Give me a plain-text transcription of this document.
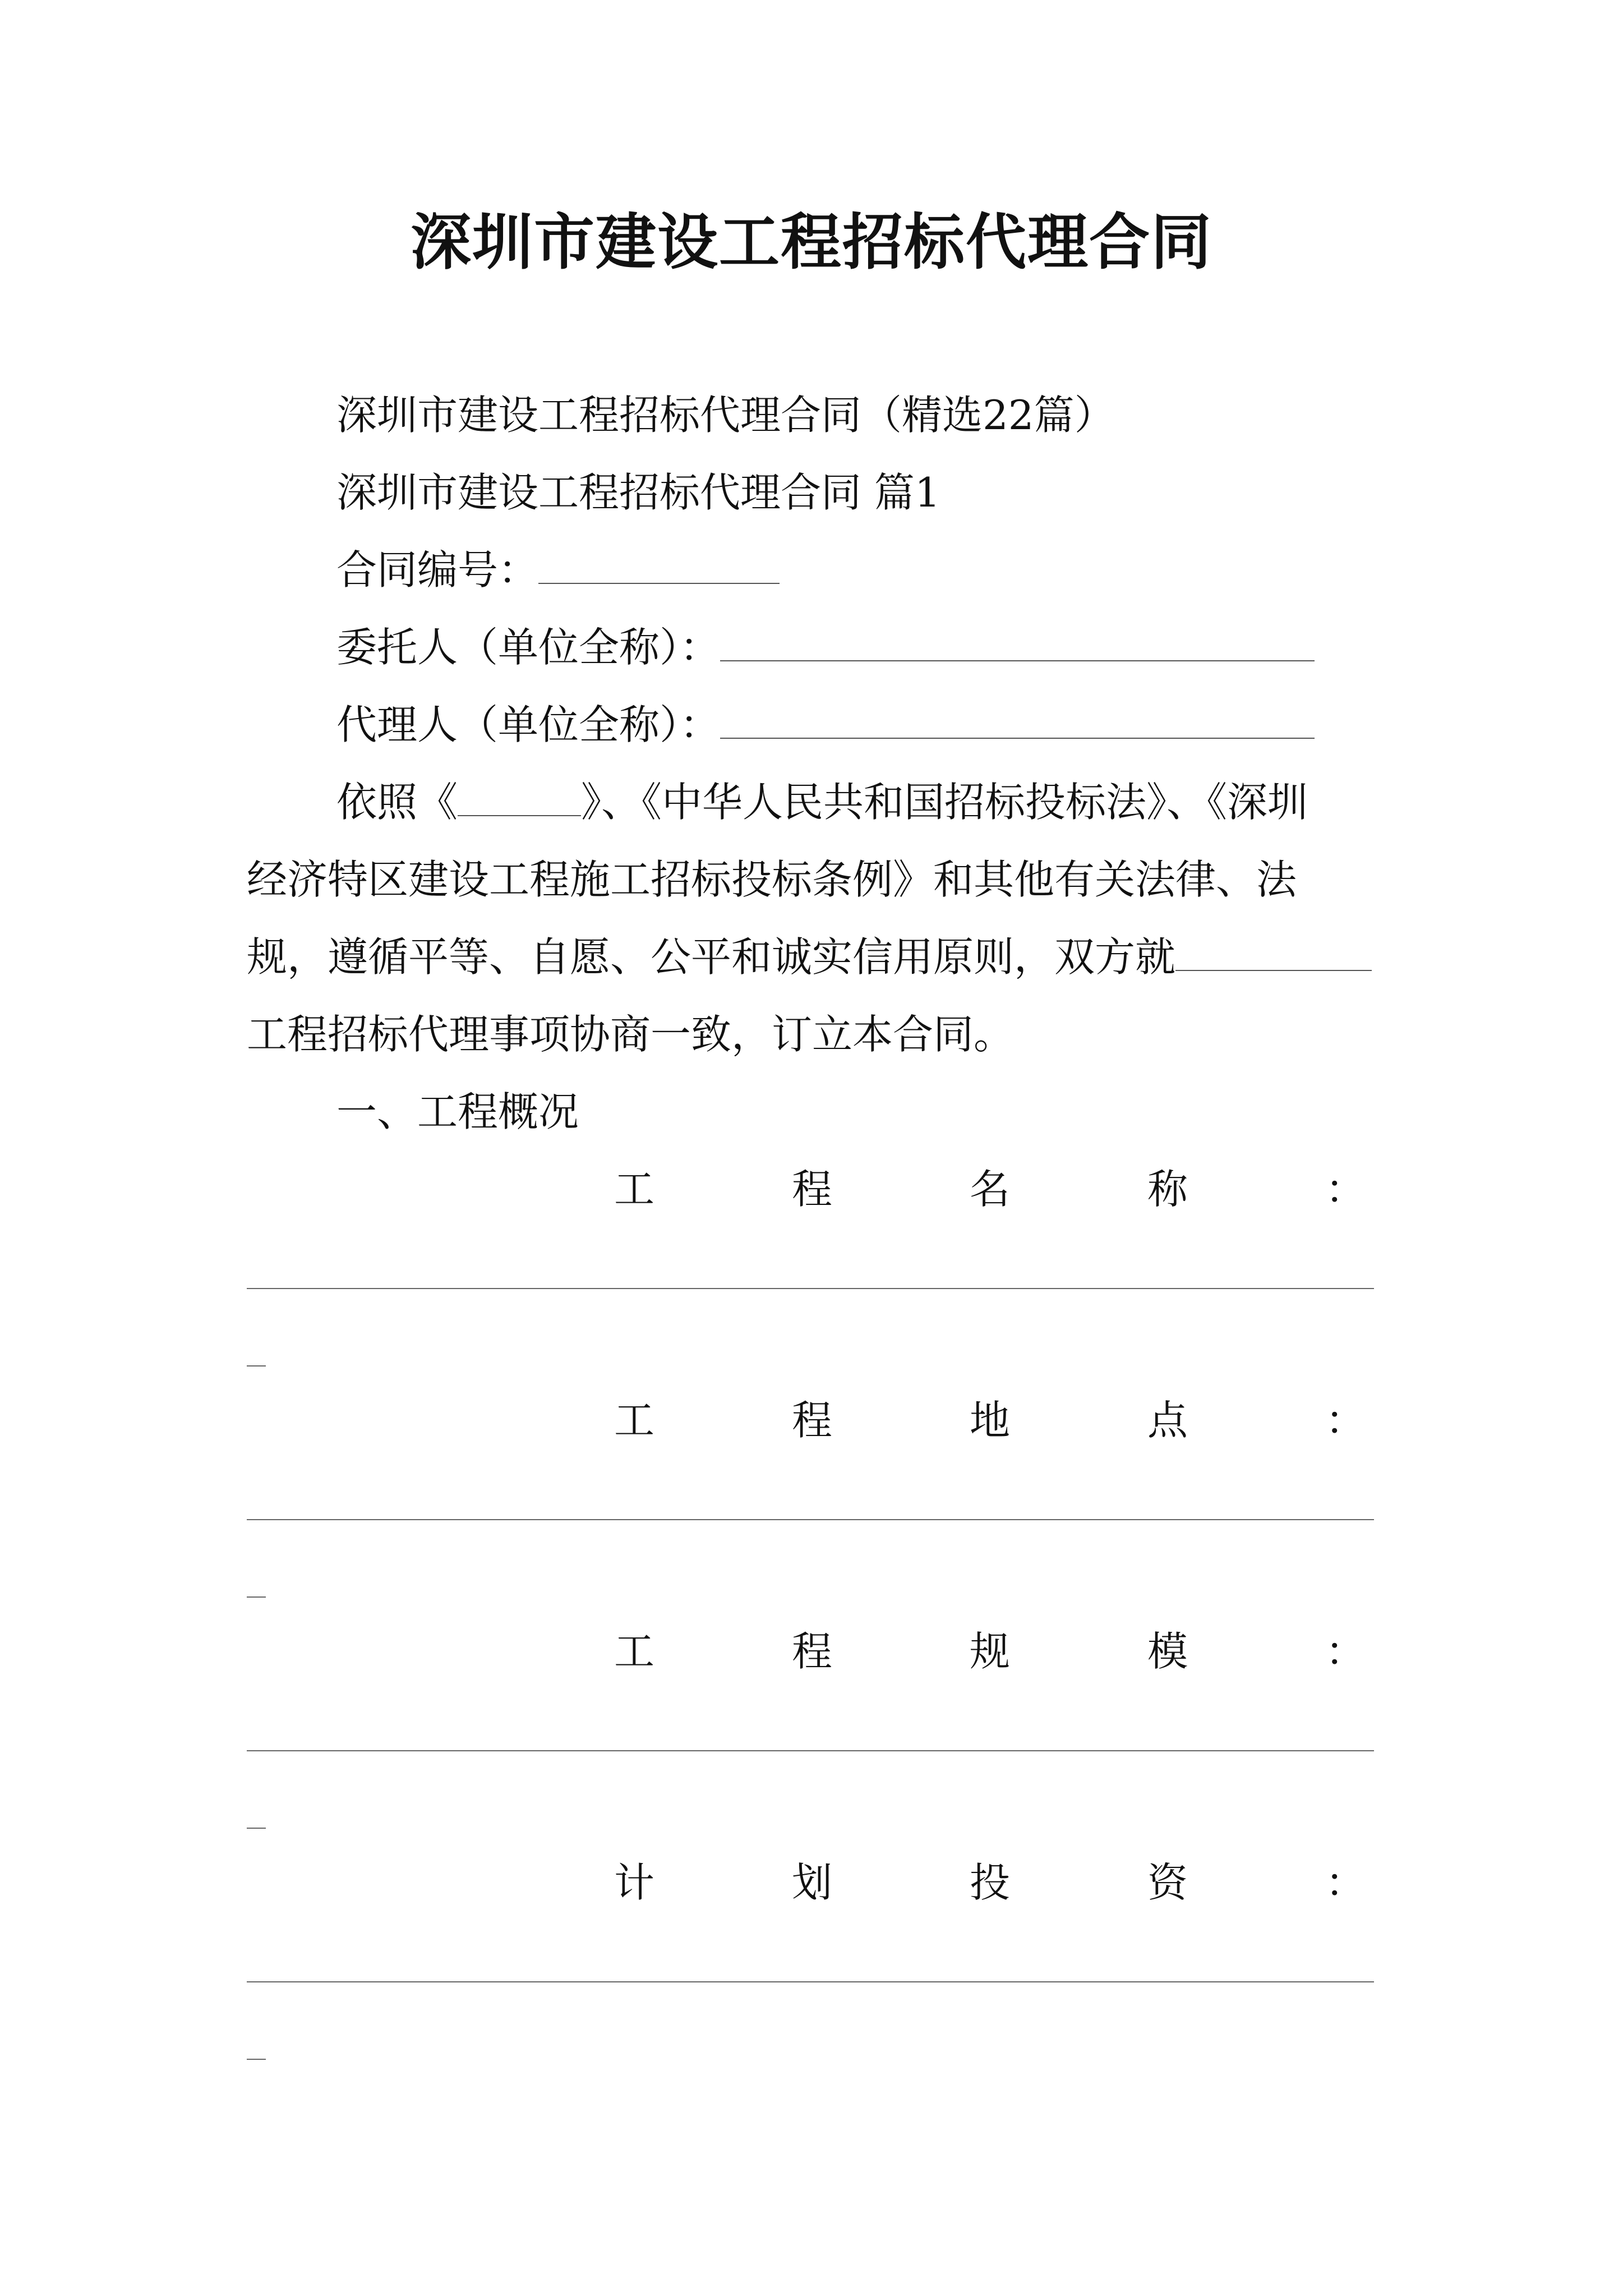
深圳市建设工程招标代理合同
深圳市建设工程招标代理合同（精选22篇）
深圳市建设工程招标代理合同 篇1
合同编号：
委托人（单位全称）：
代理人（单位全称）：
依照《	》、《中华人民共和国招标投标法》、《深圳
经济特区建设工程施工招标投标条例》和其他有关法律、法
规，遵循平等、自愿、公平和诚实信用原则，双方就
工程招标代理事项协商一致，订立本合同。
一、工程概况
工	程	名	称	：
工	程	地	点	：
工	程	规	模	：
计	划	投	资	：
